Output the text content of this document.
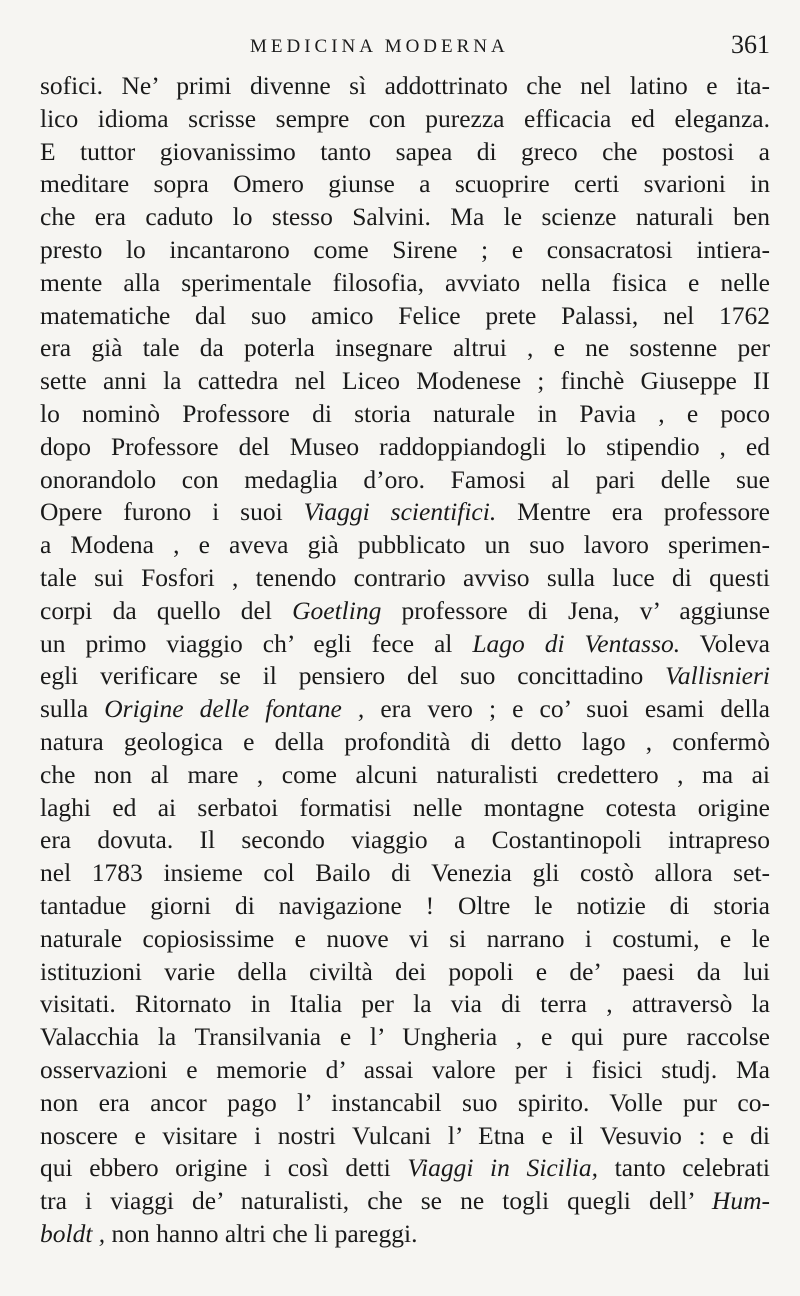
MEDICINA MODERNA	361
sofici. Ne’ primi divenne sì addottrinato che nel latino e ita-
lico idioma scrisse sempre con purezza efficacia ed eleganza.
E tuttor giovanissimo tanto sapea di greco che postosi a
meditare sopra Omero giunse a scuoprire certi svarioni in
che era caduto lo stesso Salvini. Ma le scienze naturali ben
presto lo incantarono come Sirene ; e consacratosi intiera-
mente alla sperimentale filosofia, avviato nella fisica e nelle
matematiche dal suo amico Felice prete Palassi, nel 1762
era già tale da poterla insegnare altrui , e ne sostenne per
sette anni la cattedra nel Liceo Modenese ; finchè Giuseppe II
lo nominò Professore di storia naturale in Pavia , e poco
dopo Professore del Museo raddoppiandogli lo stipendio , ed
onorandolo con medaglia d’oro. Famosi al pari delle sue
Opere furono i suoi Viaggi scientifici. Mentre era professore
a Modena , e aveva già pubblicato un suo lavoro sperimen-
tale sui Fosfori , tenendo contrario avviso sulla luce di questi
corpi da quello del Goetling professore di Jena, v’ aggiunse
un primo viaggio ch’ egli fece al Lago di Ventasso. Voleva
egli verificare se il pensiero del suo concittadino Vallisnieri
sulla Origine delle fontane , era vero ; e co’ suoi esami della
natura geologica e della profondità di detto lago , confermò
che non al mare , come alcuni naturalisti credettero , ma ai
laghi ed ai serbatoi formatisi nelle montagne cotesta origine
era dovuta. Il secondo viaggio a Costantinopoli intrapreso
nel 1783 insieme col Bailo di Venezia gli costò allora set-
tantadue giorni di navigazione ! Oltre le notizie di storia
naturale copiosissime e nuove vi si narrano i costumi, e le
istituzioni varie della civiltà dei popoli e de’ paesi da lui
visitati. Ritornato in Italia per la via di terra , attraversò la
Valacchia la Transilvania e l’ Ungheria , e qui pure raccolse
osservazioni e memorie d’ assai valore per i fisici studj. Ma
non era ancor pago l’ instancabil suo spirito. Volle pur co-
noscere e visitare i nostri Vulcani l’ Etna e il Vesuvio : e di
qui ebbero origine i così detti Viaggi in Sicilia, tanto celebrati
tra i viaggi de’ naturalisti, che se ne togli quegli dell’ Hum-
boldt , non hanno altri che li pareggi.
